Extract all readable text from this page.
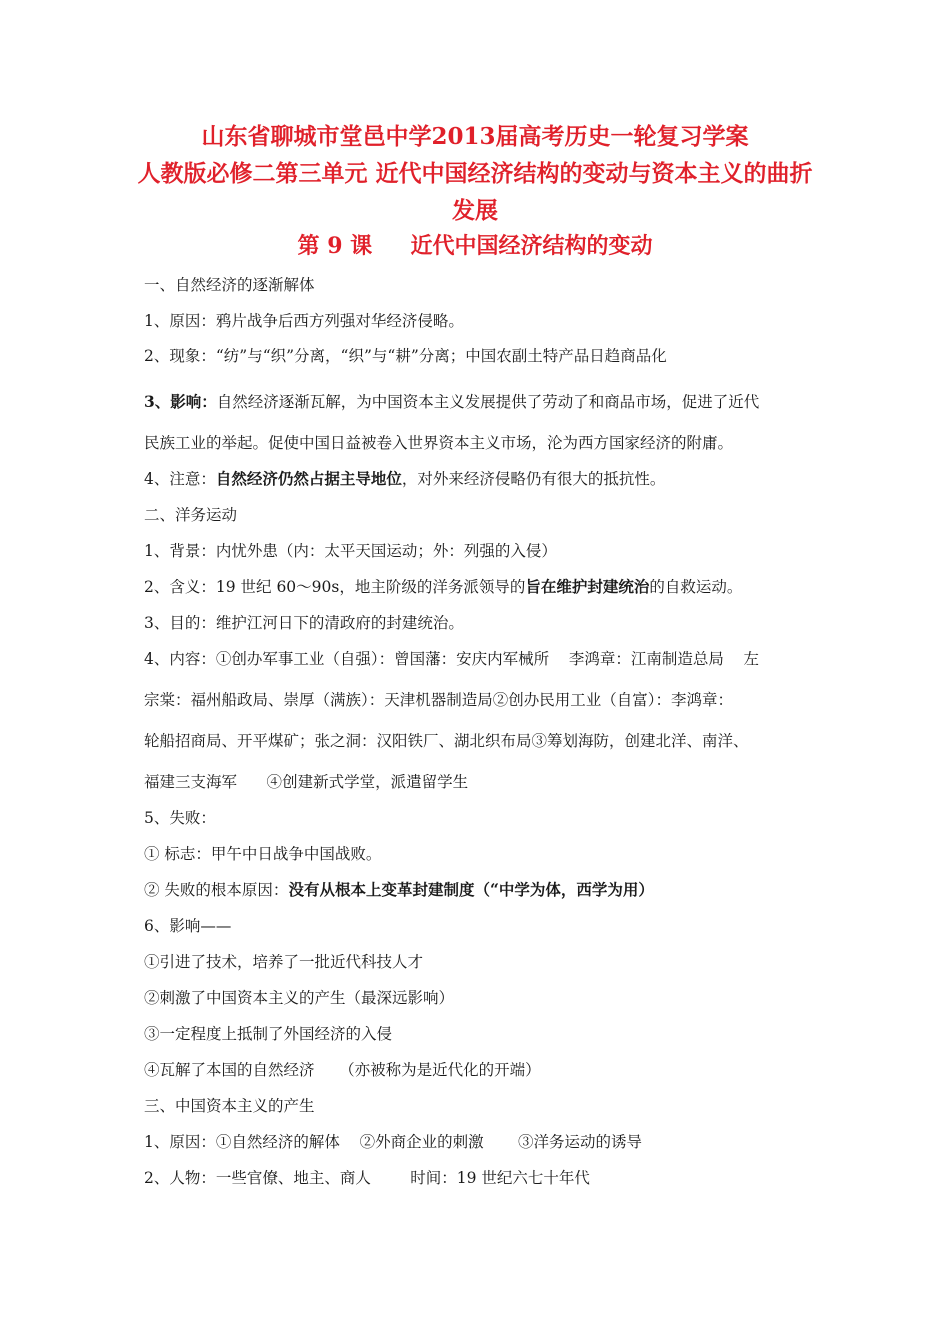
山东省聊城市堂邑中学2013届高考历史一轮复习学案
人教版必修二第三单元 近代中国经济结构的变动与资本主义的曲折
发展
第 9 课     近代中国经济结构的变动
一、自然经济的逐渐解体
1、原因：鸦片战争后西方列强对华经济侵略。
2、现象：“纺”与“织”分离，“织”与“耕”分离；中国农副土特产品日趋商品化
3、影响：自然经济逐渐瓦解，为中国资本主义发展提供了劳动了和商品市场，促进了近代
民族工业的举起。促使中国日益被卷入世界资本主义市场，沦为西方国家经济的附庸。
4、注意：自然经济仍然占据主导地位，对外来经济侵略仍有很大的抵抗性。
二、洋务运动
1、背景：内忧外患（内：太平天国运动；外：列强的入侵）
2、含义：19 世纪 60～90s，地主阶级的洋务派领导的旨在维护封建统治的自救运动。
3、目的：维护江河日下的清政府的封建统治。
4、内容：①创办军事工业（自强）：曾国藩：安庆内军械所    李鸿章：江南制造总局    左
宗棠：福州船政局、崇厚（满族）：天津机器制造局②创办民用工业（自富）：李鸿章：
轮船招商局、开平煤矿；张之洞：汉阳铁厂、湖北织布局③筹划海防，创建北洋、南洋、
福建三支海军      ④创建新式学堂，派遣留学生
5、失败：
① 标志：甲午中日战争中国战败。
② 失败的根本原因：没有从根本上变革封建制度（“中学为体，西学为用）
6、影响——
①引进了技术，培养了一批近代科技人才
②刺激了中国资本主义的产生（最深远影响）
③一定程度上抵制了外国经济的入侵
④瓦解了本国的自然经济     （亦被称为是近代化的开端）
三、中国资本主义的产生
1、原因：①自然经济的解体    ②外商企业的刺激       ③洋务运动的诱导
2、人物：一些官僚、地主、商人        时间：19 世纪六七十年代
